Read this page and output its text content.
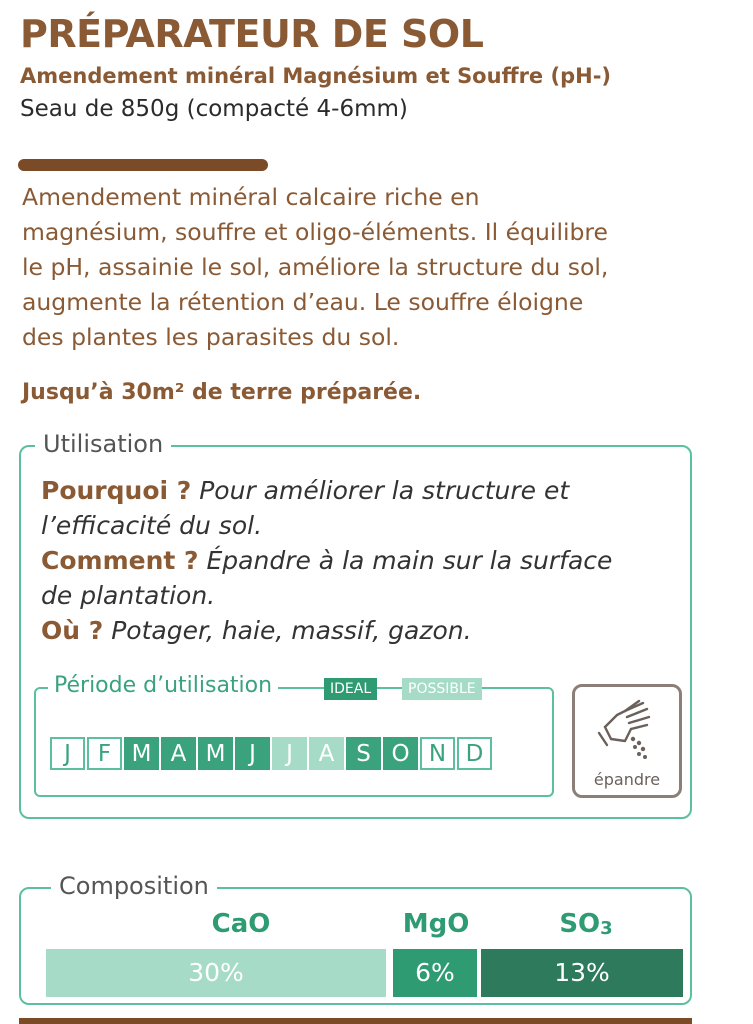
PRÉPARATEUR DE SOL
Amendement minéral Magnésium et Souffre (pH-)
Seau de 850g (compacté 4-6mm)
Amendement minéral calcaire riche en
magnésium, souffre et oligo-éléments. Il équilibre
le pH, assainie le sol, améliore la structure du sol,
augmente la rétention d’eau. Le souffre éloigne
des plantes les parasites du sol.
Jusqu’à 30m² de terre préparée.
Utilisation
Pourquoi ? Pour améliorer la structure et
l’efficacité du sol.
Comment ? Épandre à la main sur la surface
de plantation.
Où ? Potager, haie, massif, gazon.
Période d’utilisation	IDEAL	POSSIBLE
J	F M A M	J	J	A S O N D
épandre
Composition
CaO	MgO	$SO_3$
30%	6%	13%
